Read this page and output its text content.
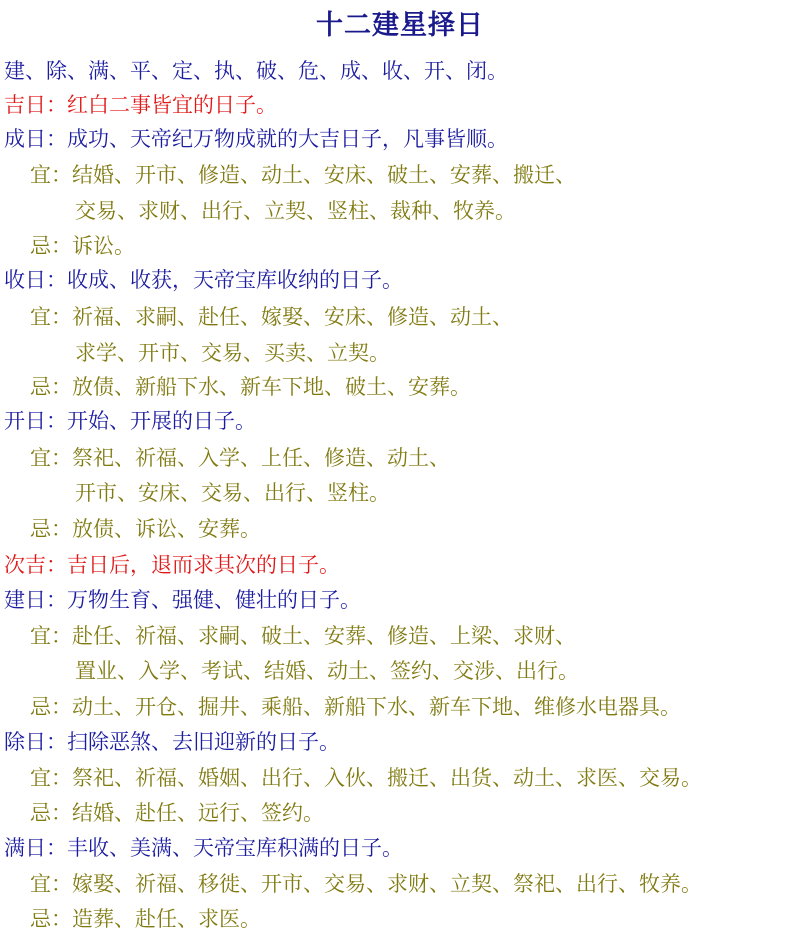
十二建星择日
建、除、满、平、定、执、破、危、成、收、开、闭。
吉日：红白二事皆宜的日子。
成日：成功、天帝纪万物成就的大吉日子，凡事皆顺。
宜：结婚、开市、修造、动土、安床、破土、安葬、搬迁、
交易、求财、出行、立契、竖柱、裁种、牧养。
忌：诉讼。
收日：收成、收获，天帝宝库收纳的日子。
宜：祈福、求嗣、赴任、嫁娶、安床、修造、动土、
求学、开市、交易、买卖、立契。
忌：放债、新船下水、新车下地、破土、安葬。
开日：开始、开展的日子。
宜：祭祀、祈福、入学、上任、修造、动土、
开市、安床、交易、出行、竖柱。
忌：放债、诉讼、安葬。
次吉：吉日后，退而求其次的日子。
建日：万物生育、强健、健壮的日子。
宜：赴任、祈福、求嗣、破土、安葬、修造、上梁、求财、
置业、入学、考试、结婚、动土、签约、交涉、出行。
忌：动土、开仓、掘井、乘船、新船下水、新车下地、维修水电器具。
除日：扫除恶煞、去旧迎新的日子。
宜：祭祀、祈福、婚姻、出行、入伙、搬迁、出货、动土、求医、交易。
忌：结婚、赴任、远行、签约。
满日：丰收、美满、天帝宝库积满的日子。
宜：嫁娶、祈福、移徙、开市、交易、求财、立契、祭祀、出行、牧养。
忌：造葬、赴任、求医。
